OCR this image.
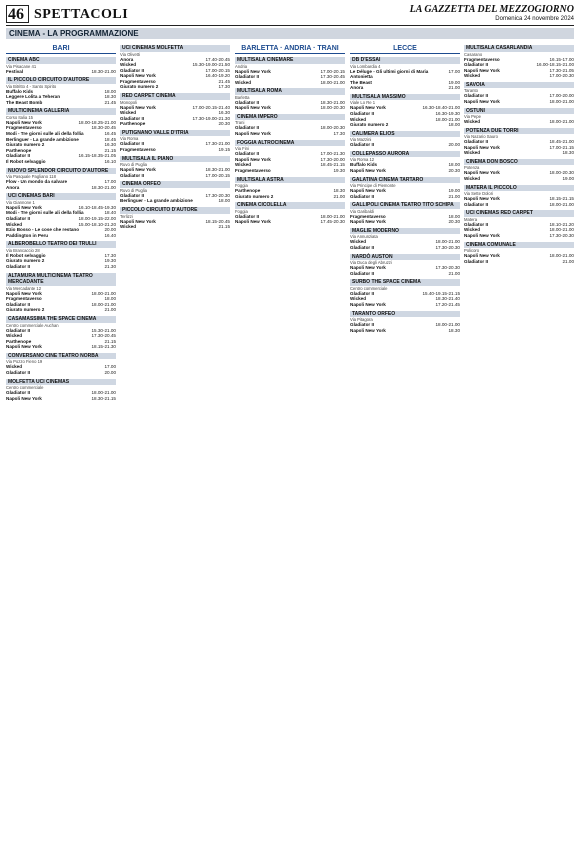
46 SPETTACOLI	LA GAZZETTA DEL MEZZOGIORNO
Domenica 24 novembre 2024
CINEMA - LA PROGRAMMAZIONE
BARI
CINEMA ABC
Via Pisacane 41
Festival	18.30-21.00
IL PICCOLO CIRCUITO D'AUTORE
Via Bitritto 4 - Santo Spirito
Buffalo Kids	18.00
Leggere Lolita a Teheran	18.30
The Beast Bomb	21.45
MULTICINEMA GALLERIA
Corso Italia 15
Napoli New York	18.00-18.25-21.00
Fragmentaverso	18.30-20.45
Modi - Tre giorni sulle ali della follia	16.45
Berlinguer - La grande ambizione	18.45
Giurato numero 2	16.30
Parthenope	21.15
Gladiator II	16.15-18.35-21.05
Il Robot selvaggio	16.10
NUOVO SPLENDOR CIRCUITO D'AUTORE
Via Pasquale Pagliano 118
Flow - Un mondo da salvare	17.00
Anora	18.30-21.00
UCI CINEMAS BARI
Via Giannone 1
Napoli New York	16.10-18.45-19.30
Modi - Tre giorni sulle ali della follia	18.40
Gladiator II	18.00-19.15-22.00
Wicked	15.00-18.10-21.20
Ezio Bosso - Le cose che restano	20.00
Paddington in Peru	16.40
ALBEROBELLO TEATRO DEI TRULLI
Via Brancaccio 28
Il Robot selvaggio	17.30
Giurato numero 2	19.30
Gladiator II	21.30
ALTAMURA MULTICINEMA TEATRO MERCADANTE
Via Mercadante 12
Napoli New York	18.00-21.00
Fragmentaverso	18.00
Gladiator II	18.00-21.00
Giurato numero 2	21.00
CASAMASSIMA THE SPACE CINEMA
Centro commerciale Auchan
Gladiator II	15.30-21.00
Wicked	17.30-20.45
Parthenope	21.15
Napoli New York	18.15-21.30
CONVERSANO CINE TEATRO NORBA
Via Pozzo Fieno 19
Wicked	17.00
Gladiator II	20.00
MOLFETTA UCI CINEMAS
Centro commerciale
Gladiator II	18.00-21.00
Napoli New York	18.30-21.15
UCI CINEMAS MOLFETTA
Via Olivetti
Anora	17.40-20.45
Wicked	15.30-19.00-21.50
Gladiator II	17.00-20.15
Napoli New York	16.40-19.20
Fragmentaverso	21.45
Giurato numero 2	17.30
RED CARPET CINEMA
Monopoli
Napoli New York	17.00-20.15-21.40
Wicked	16.30
Gladiator II	17.30-19.00-21.30
Parthenope	20.30
PUTIGNANO VALLE D'ITRIA
Via Roma
Gladiator II	17.30-21.00
Fragmentaverso	19.15
MULTISALA IL PIANO
Ruvo di Puglia
Napoli New York	18.30-21.00
Gladiator II	17.00-20.15
CINEMA ORFEO
Ruvo di Puglia
Gladiator II	17.30-20.30
Berlinguer - La grande ambizione	18.00
PICCOLO CIRCUITO D'AUTORE
Terlizzi
Napoli New York	18.15-20.45
Wicked	21.15
BARLETTA · ANDRIA · TRANI
MULTISALA CINEMARE
Andria
Napoli New York	17.00-20.15
Gladiator II	17.30-20.45
Wicked	18.00-21.00
MULTISALA ROMA
Barletta
Gladiator II	18.30-21.00
Napoli New York	18.00-20.30
CINEMA IMPERO
Trani
Gladiator II	18.00-20.30
Napoli New York	17.30
FOGGIA ALTROCINEMA
Via Fini
Gladiator II	17.00-21.30
Napoli New York	17.30-20.00
Wicked	18.45-21.15
Fragmentaverso	19.30
MULTISALA ASTRA
Foggia
Parthenope	18.30
Giurato numero 2	21.00
CINEMA CICOLELLA
Foggia
Gladiator II	18.00-21.00
Napoli New York	17.45-20.30
LECCE
DB D'ESSAI
Via Lombardia 4
Le Déluge - Gli ultimi giorni di Maria Antonietta
17.00
The Beast	19.00
Anora	21.00
MULTISALA MASSIMO
Viale Lo Re 1
Napoli New York	16.30-18.40-21.00
Gladiator II	16.30-19.30
Wicked	18.00-21.00
Giurato numero 2	18.00
CALIMERA ELIOS
Via Mazzini
Gladiator II	20.00
COLLEPASSO AURORA
Via Roma 12
Buffalo Kids	18.00
Napoli New York	20.30
GALATINA CINEMA TARTARO
Via Principe di Piemonte
Napoli New York	19.00
Gladiator II	21.00
GALLIPOLI CINEMA TEATRO TITO SCHIPA
Via Garibaldi
Fragmentaverso	18.00
Napoli New York	20.30
MAGLIE MODERNO
Via Annunziata
Wicked	18.00-21.00
Gladiator II	17.30-20.30
NARDÒ AUSTON
Via Duca degli Abruzzi
Napoli New York	17.30-20.30
Gladiator II	21.00
SURBO THE SPACE CINEMA
Centro commerciale
Gladiator II	15.40-19.15-21.15
Wicked	18.30-21.40
Napoli New York	17.20-21.45
TARANTO ORFEO
Via Pitagora
Gladiator II	18.00-21.00
Napoli New York	18.30
MULTISALA CASARLANDIA
Casarano
Fragmentaverso	16.15-17.00
Gladiator II	16.00-18.15-21.00
Napoli New York	17.30-21.05
Wicked	17.00-20.30
SAVOIA
Taranto
Gladiator II	17.00-20.00
Napoli New York	18.00-21.00
OSTUNI
Via Pepe
Wicked	18.00-21.00
POTENZA DUE TORRI
Via Nazario Sauro
Gladiator II	18.45-21.00
Napoli New York	17.00-21.15
Wicked	18.30
CINEMA DON BOSCO
Potenza
Napoli New York	18.00-20.30
Wicked	19.00
MATERA IL PICCOLO
Via Sette Dolori
Napoli New York	18.15-21.15
Gladiator II	18.00-21.00
UCI CINEMAS RED CARPET
Matera
Gladiator II	18.10-21.20
Wicked	18.00-21.00
Napoli New York	17.30-20.30
CINEMA COMUNALE
Policoro
Napoli New York	18.00-21.00
Gladiator II	21.00
